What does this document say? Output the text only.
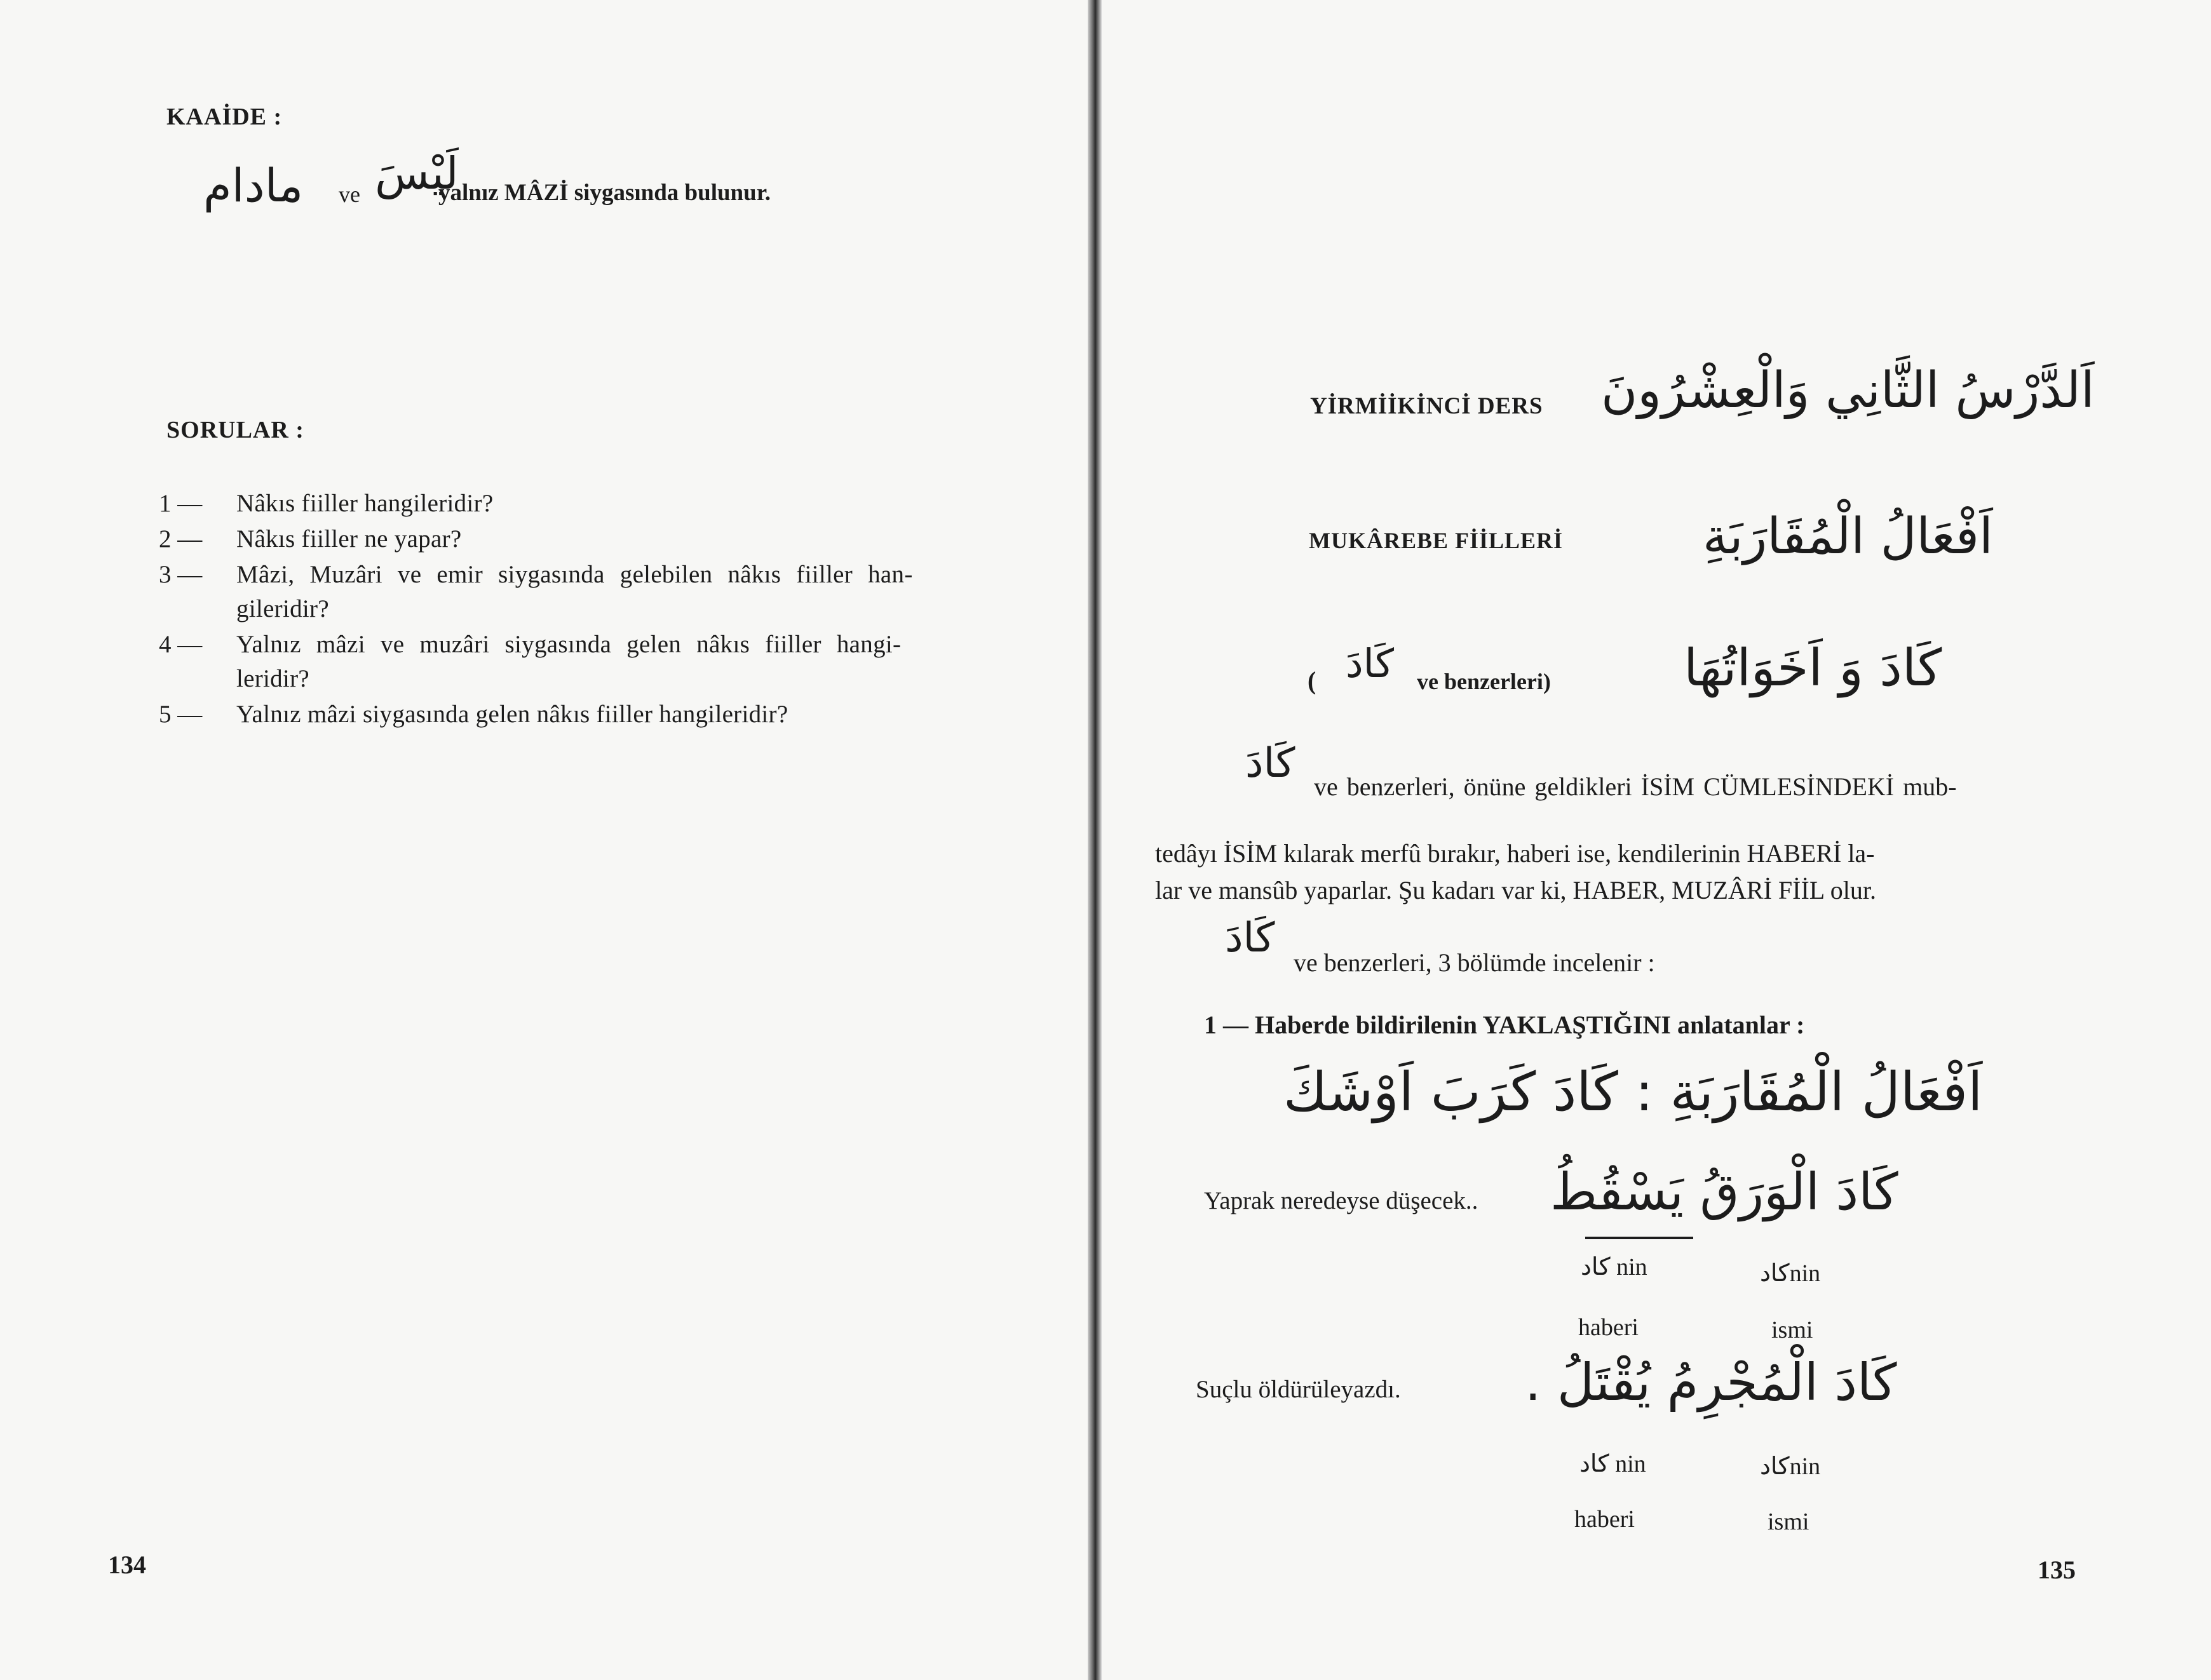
KAAİDE :
مادام ve لَيْسَ
yalnız MÂZİ siygasında bulunur.
SORULAR :
1 — Nâkıs fiiller hangileridir?
2 — Nâkıs fiiller ne yapar?
3 — Mâzi, Muzâri ve emir siygasında gelebilen nâkıs fiiller han-
gileridir?
4 — Yalnız mâzi ve muzâri siygasında gelen nâkıs fiiller hangi-
leridir?
5 — Yalnız mâzi siygasında gelen nâkıs fiiller hangileridir?
134
YİRMİİKİNCİ DERS اَلدَّرْسُ الثَّانِي وَالْعِشْرُونَ
MUKÂREBE FİİLLERİ	اَفْعَالُ الْمُقَارَبَةِ
( كَادَ ve benzerleri)	كَادَ وَ اَخَوَاتُهَا
كَادَ ve benzerleri, önüne geldikleri İSİM CÜMLESİNDEKİ mub-
tedâyı İSİM kılarak merfû bırakır, haberi ise, kendilerinin HABERİ la-
lar ve mansûb yaparlar. Şu kadarı var ki, HABER, MUZÂRİ FİİL olur.
كَادَ
ve benzerleri, 3 bölümde incelenir :
1 — Haberde bildirilenin YAKLAŞTIĞINI anlatanlar :
اَفْعَالُ الْمُقَارَبَةِ : كَادَ كَرَبَ اَوْشَكَ
Yaprak neredeyse düşecek.. كَادَ الْوَرَقُ يَسْقُطُ
كاد nin	كادnin
haberi	ismi
Suçlu öldürüleyazdı. كَادَ الْمُجْرِمُ يُقْتَلُ .
كاد nin	كادnin
haberi	ismi
135
